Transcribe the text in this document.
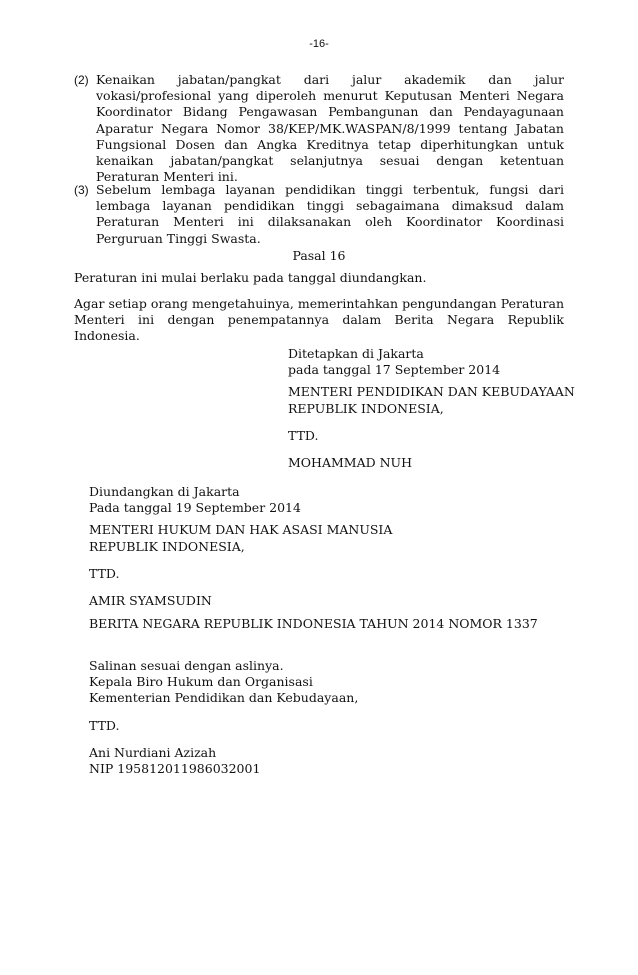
-16-
(2) Kenaikan jabatan/pangkat dari jalur akademik dan jalur vokasi/profesional yang diperoleh menurut Keputusan Menteri Negara Koordinator Bidang Pengawasan Pembangunan dan Pendayagunaan Aparatur Negara Nomor 38/KEP/MK.WASPAN/8/1999 tentang Jabatan Fungsional Dosen dan Angka Kreditnya tetap diperhitungkan untuk kenaikan jabatan/pangkat selanjutnya sesuai dengan ketentuan Peraturan Menteri ini.
(3) Sebelum lembaga layanan pendidikan tinggi terbentuk, fungsi dari lembaga layanan pendidikan tinggi sebagaimana dimaksud dalam Peraturan Menteri ini dilaksanakan oleh Koordinator Koordinasi Perguruan Tinggi Swasta.
Pasal 16
Peraturan ini mulai berlaku pada tanggal diundangkan.
Agar setiap orang mengetahuinya, memerintahkan pengundangan Peraturan Menteri ini dengan penempatannya dalam Berita Negara Republik Indonesia.
Ditetapkan di Jakarta
pada tanggal 17 September 2014
MENTERI PENDIDIKAN DAN KEBUDAYAAN
REPUBLIK INDONESIA,
TTD.
MOHAMMAD NUH
Diundangkan di Jakarta
Pada tanggal 19 September 2014
MENTERI HUKUM DAN HAK ASASI MANUSIA
REPUBLIK INDONESIA,
TTD.
AMIR SYAMSUDIN
BERITA NEGARA REPUBLIK INDONESIA TAHUN 2014 NOMOR 1337
Salinan sesuai dengan aslinya.
Kepala Biro Hukum dan Organisasi
Kementerian Pendidikan dan Kebudayaan,
TTD.
Ani Nurdiani Azizah
NIP 195812011986032001
